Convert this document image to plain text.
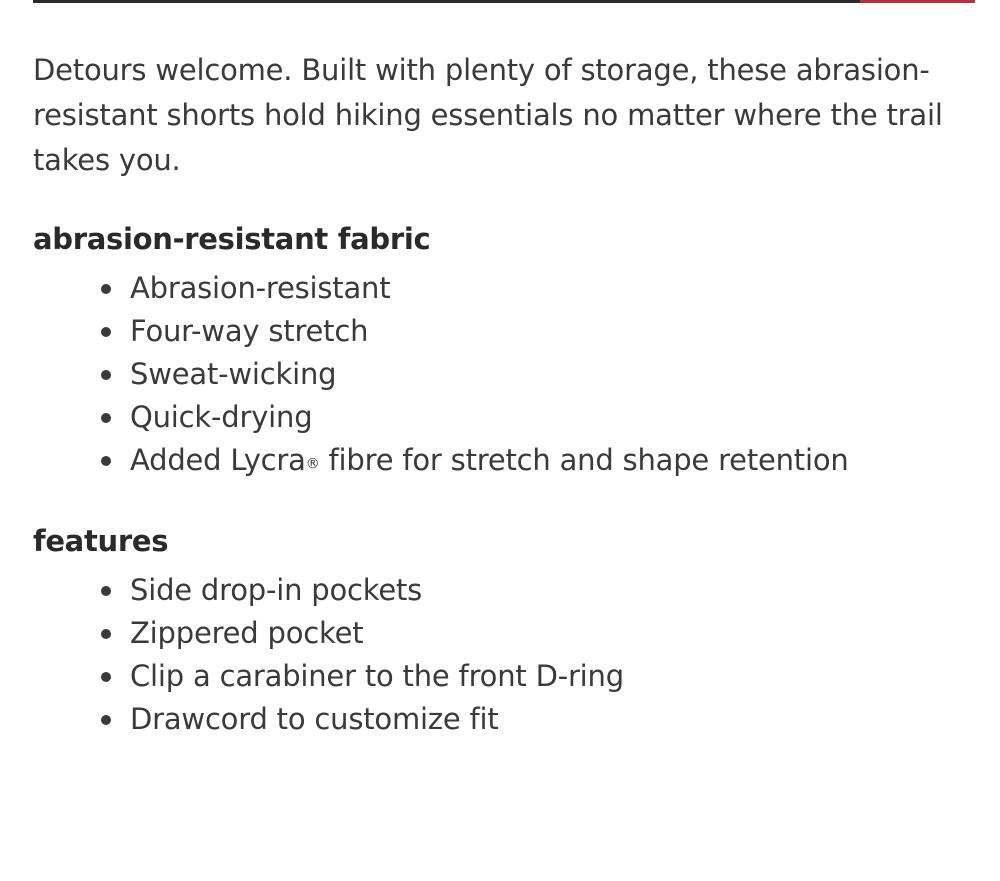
Detours welcome. Built with plenty of storage, these abrasion-resistant shorts hold hiking essentials no matter where the trail takes you.

abrasion-resistant fabric
Abrasion-resistant
Four-way stretch
Sweat-wicking
Quick-drying
Added Lycra® fibre for stretch and shape retention
features
Side drop-in pockets
Zippered pocket
Clip a carabiner to the front D-ring
Drawcord to customize fit
